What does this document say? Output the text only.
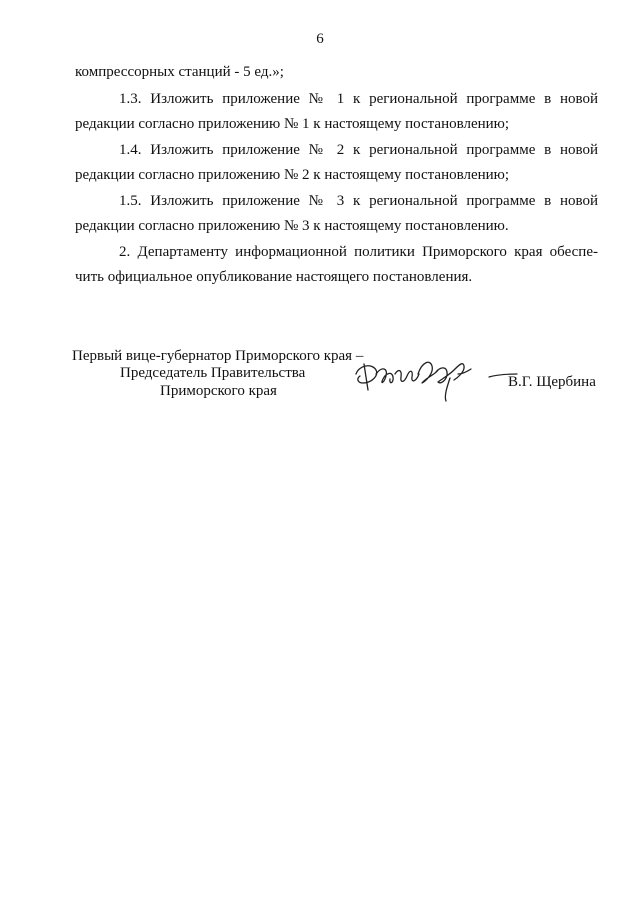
6
компрессорных станций - 5 ед.»;
1.3. Изложить приложение № 1 к региональной программе в новой
редакции согласно приложению № 1 к настоящему постановлению;
1.4. Изложить приложение № 2 к региональной программе в новой
редакции согласно приложению № 2 к настоящему постановлению;
1.5. Изложить приложение № 3 к региональной программе в новой
редакции согласно приложению № 3 к настоящему постановлению.
2. Департаменту информационной политики Приморского края обеспе-
чить официальное опубликование настоящего постановления.
Первый вице-губернатор Приморского края –
Председатель Правительства
Приморского края
В.Г. Щербина
